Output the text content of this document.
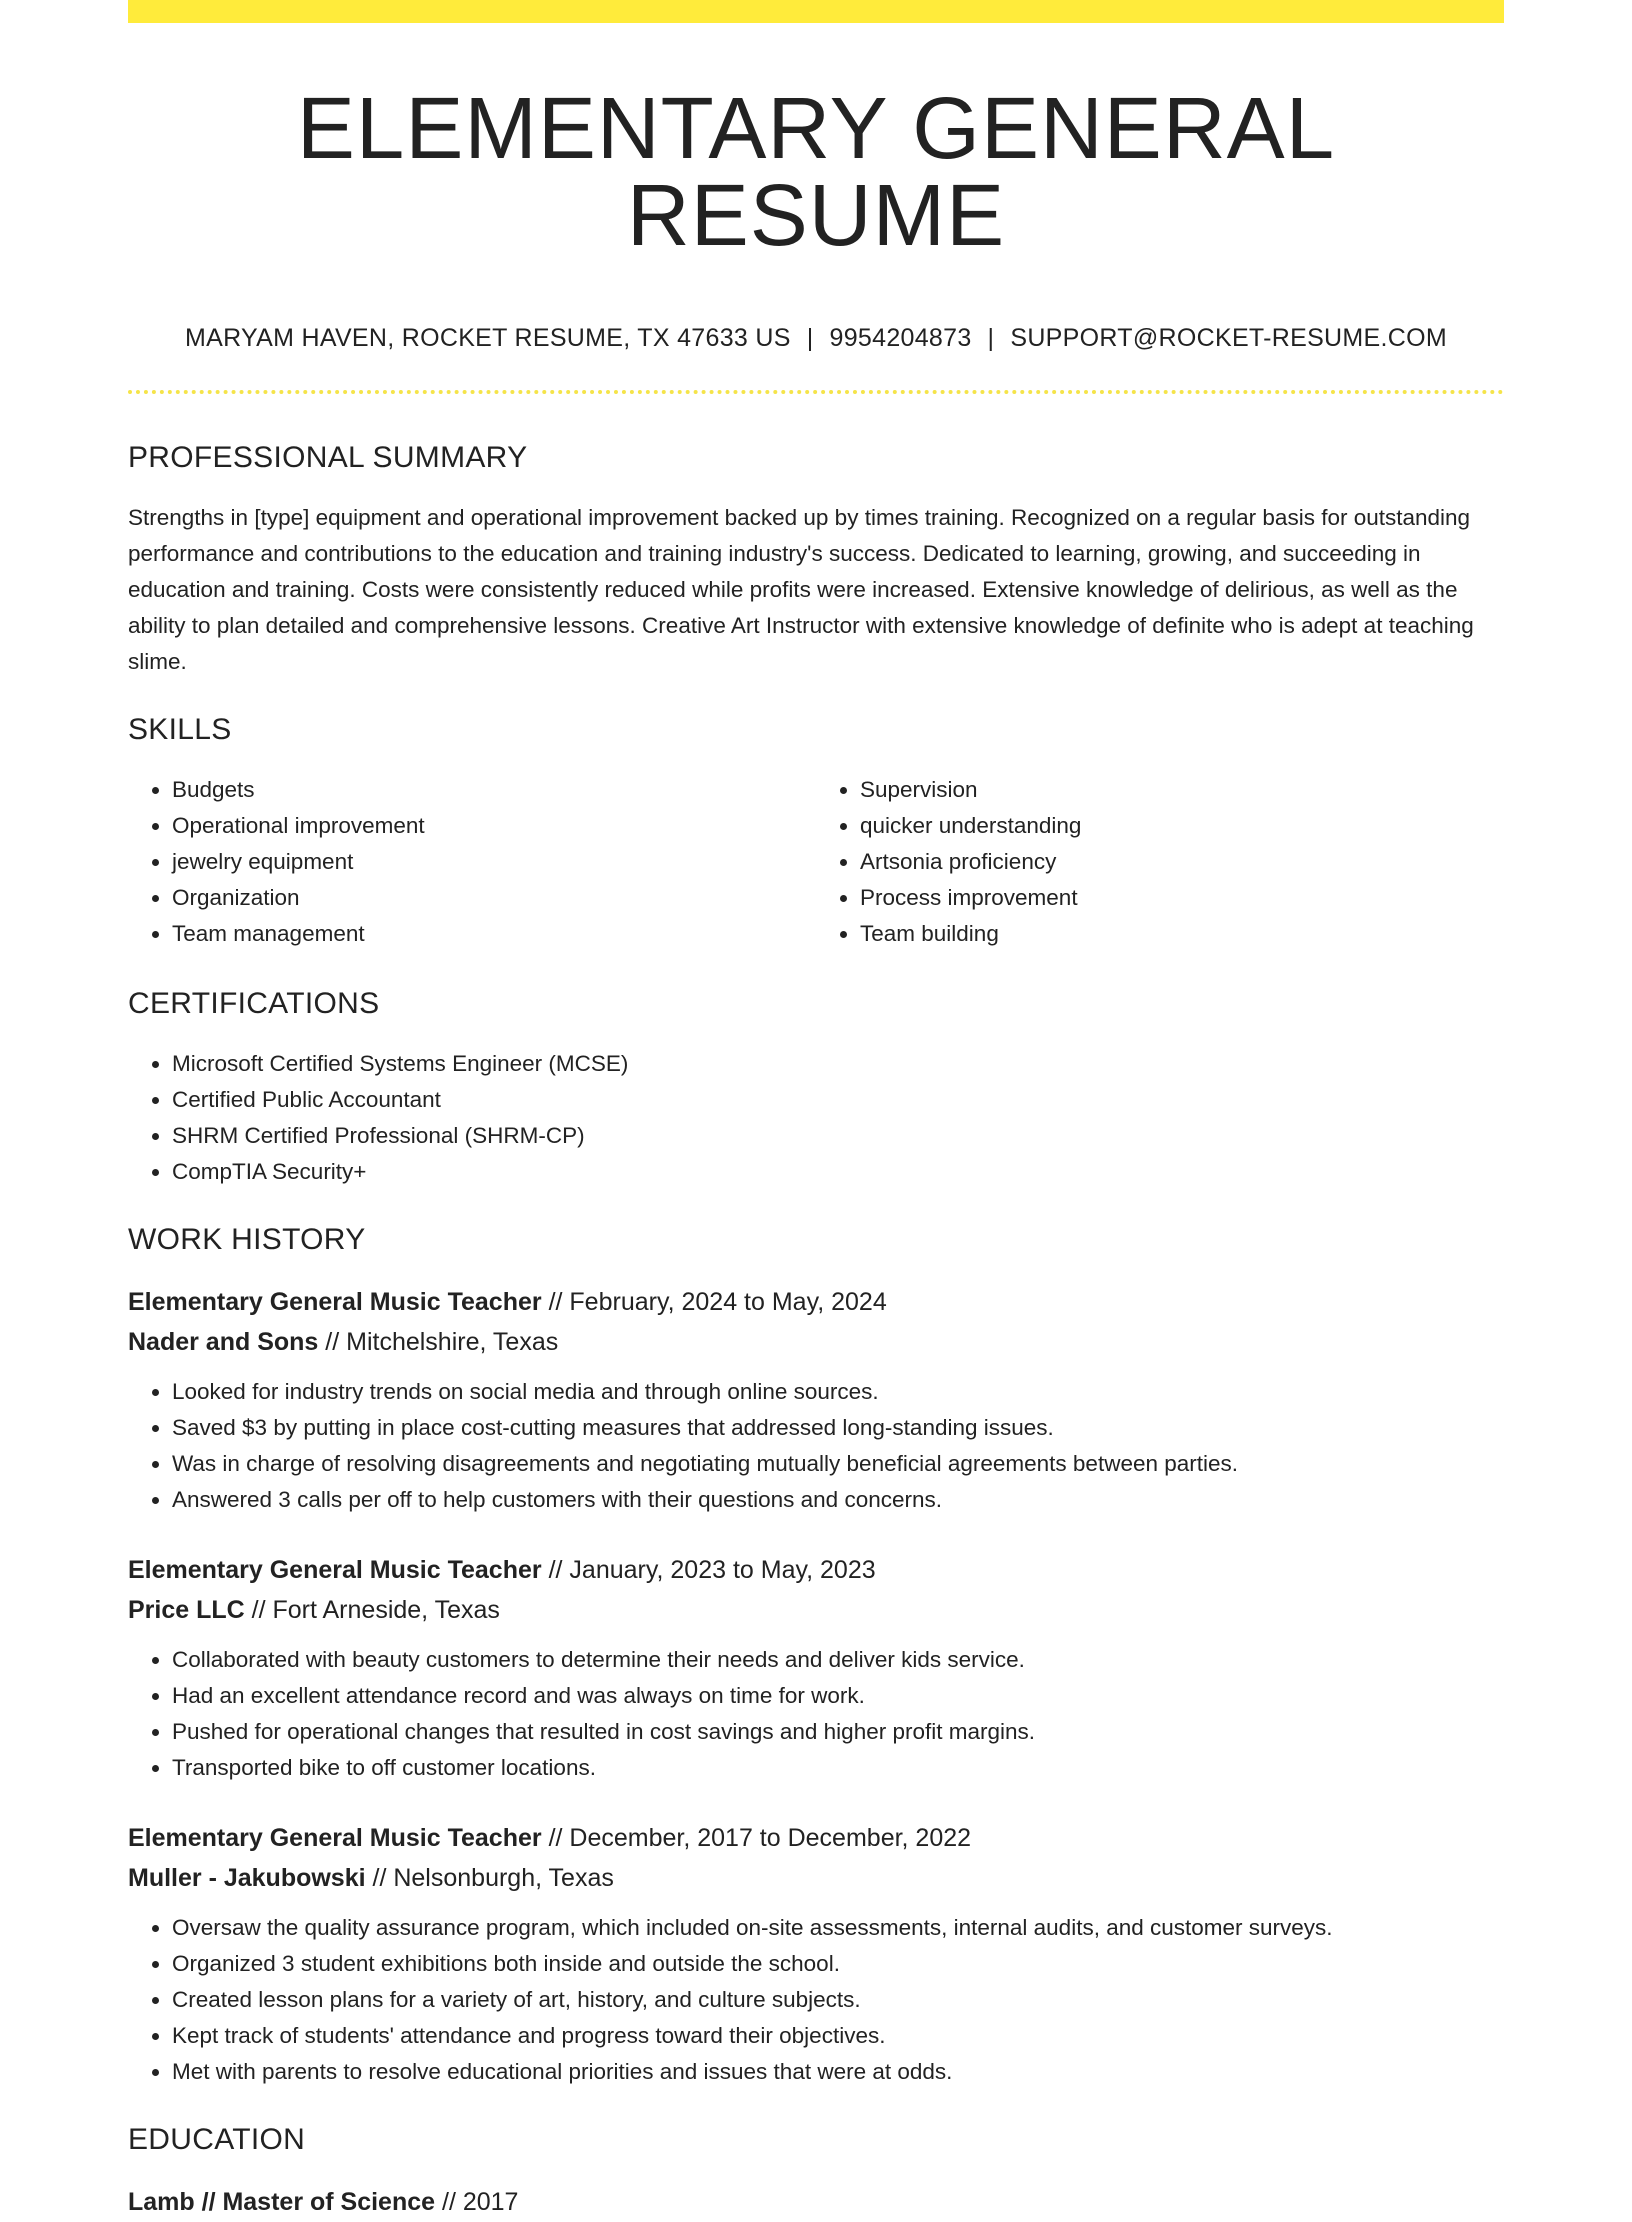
ELEMENTARY GENERAL RESUME
MARYAM HAVEN, ROCKET RESUME, TX 47633 US | 9954204873 | SUPPORT@ROCKET-RESUME.COM
PROFESSIONAL SUMMARY
Strengths in [type] equipment and operational improvement backed up by times training. Recognized on a regular basis for outstanding performance and contributions to the education and training industry's success. Dedicated to learning, growing, and succeeding in education and training. Costs were consistently reduced while profits were increased. Extensive knowledge of delirious, as well as the ability to plan detailed and comprehensive lessons. Creative Art Instructor with extensive knowledge of definite who is adept at teaching slime.
SKILLS
• Budgets
• Operational improvement
• jewelry equipment
• Organization
• Team management
• Supervision
• quicker understanding
• Artsonia proficiency
• Process improvement
• Team building
CERTIFICATIONS
• Microsoft Certified Systems Engineer (MCSE)
• Certified Public Accountant
• SHRM Certified Professional (SHRM-CP)
• CompTIA Security+
WORK HISTORY
Elementary General Music Teacher // February, 2024 to May, 2024
Nader and Sons // Mitchelshire, Texas
• Looked for industry trends on social media and through online sources.
• Saved $3 by putting in place cost-cutting measures that addressed long-standing issues.
• Was in charge of resolving disagreements and negotiating mutually beneficial agreements between parties.
• Answered 3 calls per off to help customers with their questions and concerns.
Elementary General Music Teacher // January, 2023 to May, 2023
Price LLC // Fort Arneside, Texas
• Collaborated with beauty customers to determine their needs and deliver kids service.
• Had an excellent attendance record and was always on time for work.
• Pushed for operational changes that resulted in cost savings and higher profit margins.
• Transported bike to off customer locations.
Elementary General Music Teacher // December, 2017 to December, 2022
Muller - Jakubowski // Nelsonburgh, Texas
• Oversaw the quality assurance program, which included on-site assessments, internal audits, and customer surveys.
• Organized 3 student exhibitions both inside and outside the school.
• Created lesson plans for a variety of art, history, and culture subjects.
• Kept track of students' attendance and progress toward their objectives.
• Met with parents to resolve educational priorities and issues that were at odds.
EDUCATION
Lamb // Master of Science // 2017
